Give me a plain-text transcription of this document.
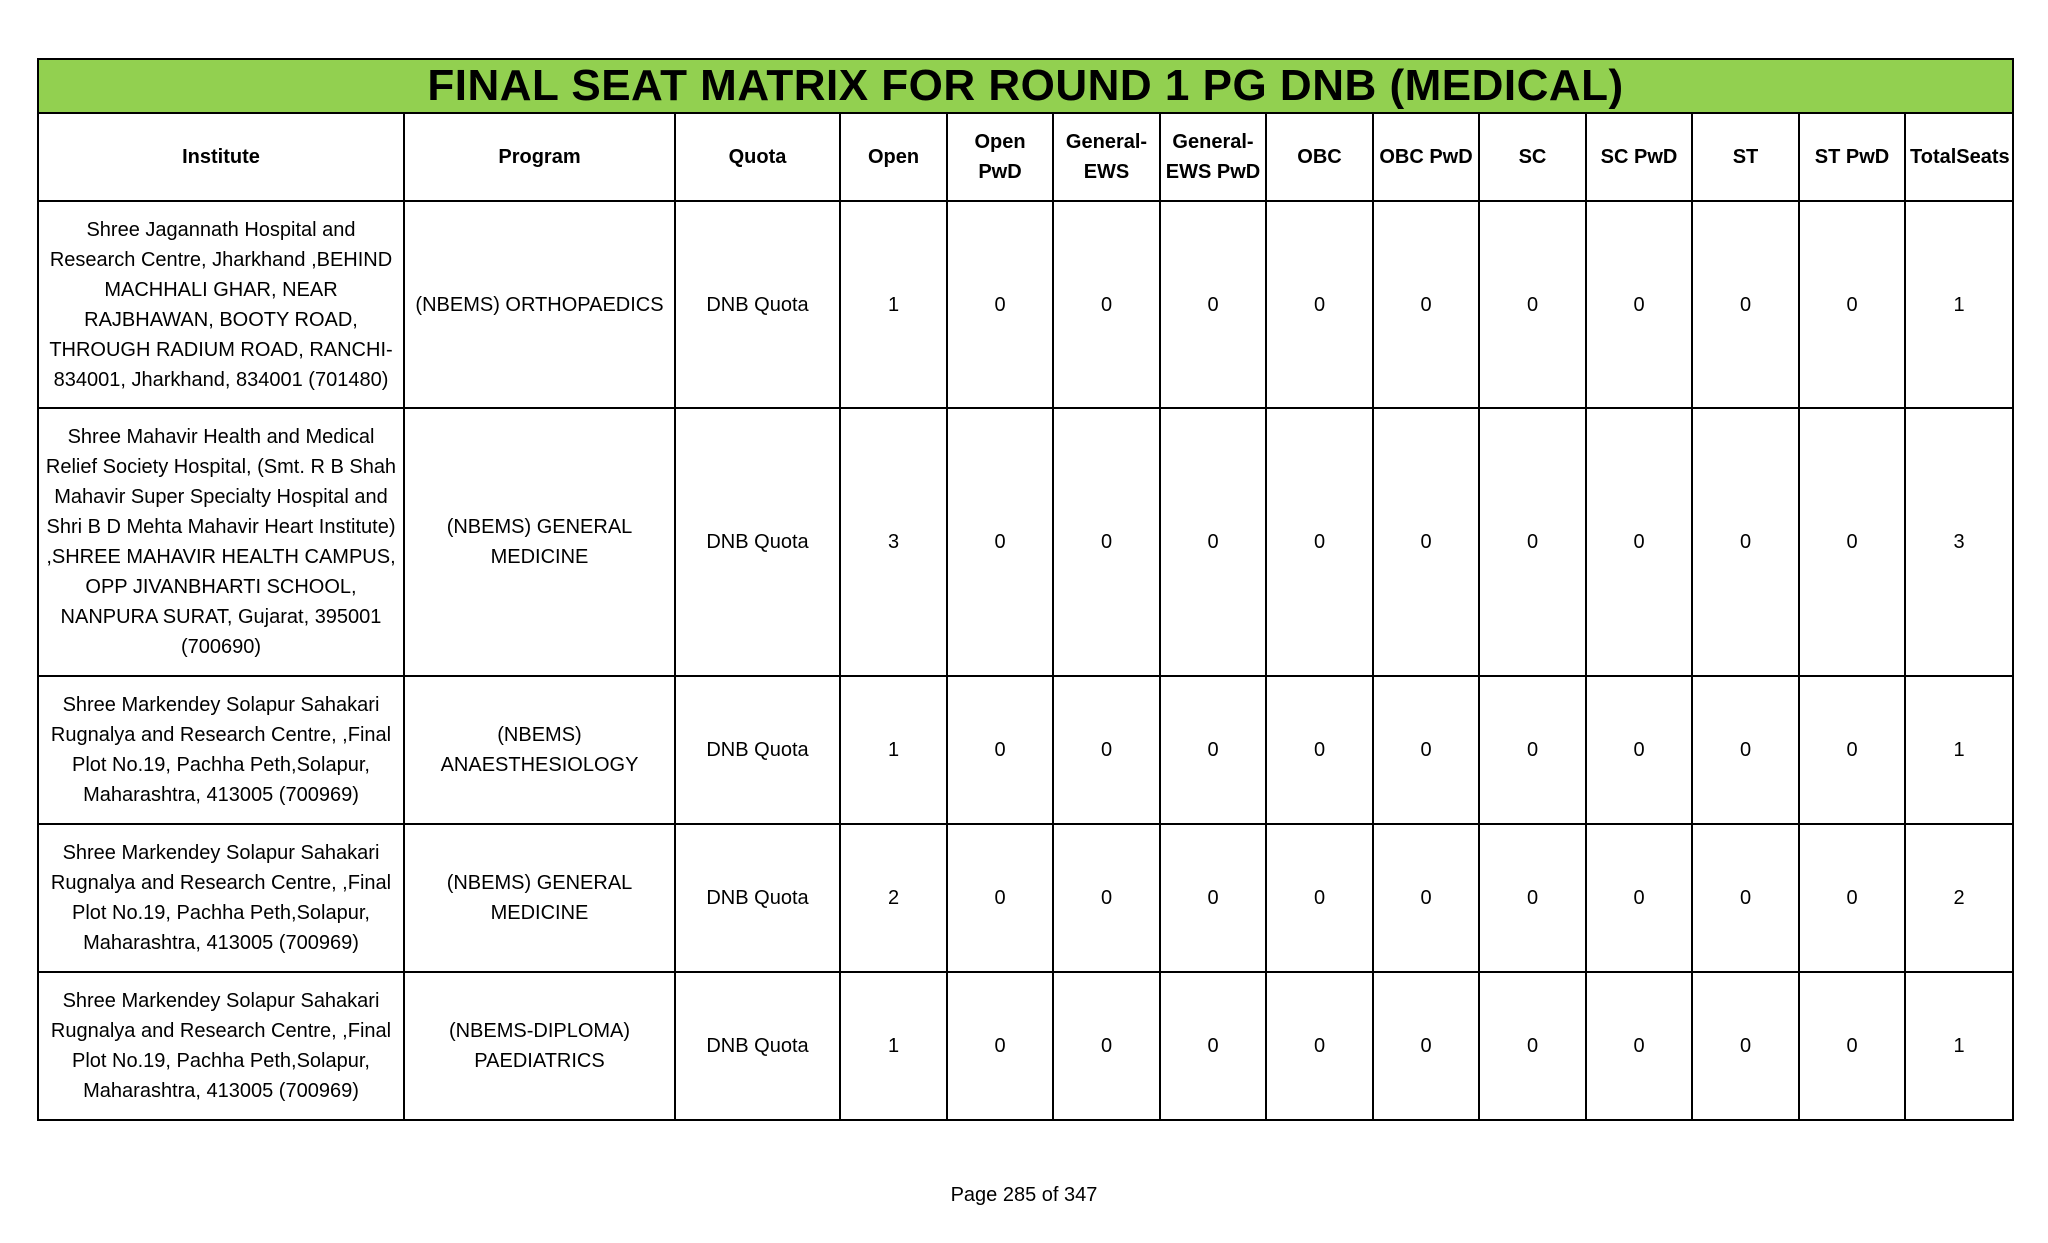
FINAL SEAT MATRIX FOR ROUND 1 PG DNB (MEDICAL)													
Institute	Program	Quota	Open	Open PwD	General-EWS	General-EWS PwD	OBC	OBC PwD	SC	SC PwD	ST	ST PwD	TotalSeats
Shree Jagannath Hospital and Research Centre, Jharkhand ,BEHIND MACHHALI GHAR, NEAR RAJBHAWAN, BOOTY ROAD, THROUGH RADIUM ROAD, RANCHI-834001, Jharkhand, 834001 (701480)	(NBEMS) ORTHOPAEDICS	DNB Quota	1	0	0	0	0	0	0	0	0	0	1
Shree Mahavir Health and Medical Relief Society Hospital, (Smt. R B Shah Mahavir Super Specialty Hospital and Shri B D Mehta Mahavir Heart Institute) ,SHREE MAHAVIR HEALTH CAMPUS, OPP JIVANBHARTI SCHOOL, NANPURA SURAT, Gujarat, 395001 (700690)	(NBEMS) GENERAL MEDICINE	DNB Quota	3	0	0	0	0	0	0	0	0	0	3
Shree Markendey Solapur Sahakari Rugnalya and Research Centre, ,Final Plot No.19, Pachha Peth,Solapur, Maharashtra, 413005 (700969)	(NBEMS) ANAESTHESIOLOGY	DNB Quota	1	0	0	0	0	0	0	0	0	0	1
Shree Markendey Solapur Sahakari Rugnalya and Research Centre, ,Final Plot No.19, Pachha Peth,Solapur, Maharashtra, 413005 (700969)	(NBEMS) GENERAL MEDICINE	DNB Quota	2	0	0	0	0	0	0	0	0	0	2
Shree Markendey Solapur Sahakari Rugnalya and Research Centre, ,Final Plot No.19, Pachha Peth,Solapur, Maharashtra, 413005 (700969)	(NBEMS-DIPLOMA) PAEDIATRICS	DNB Quota	1	0	0	0	0	0	0	0	0	0	1
Page 285 of 347
